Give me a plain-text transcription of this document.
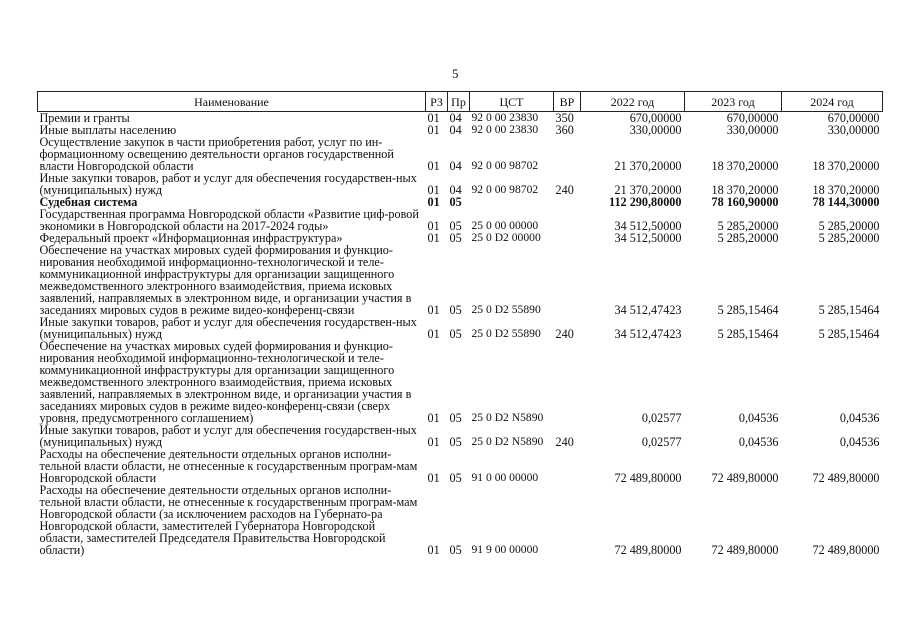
5
Наименование	РЗ	Пр	ЦСТ	ВР	2022 год	2023 год	2024 год
Премии и гранты	01	04	92 0 00 23830	350	670,00000	670,00000	670,00000
Иные выплаты населению	01	04	92 0 00 23830	360	330,00000	330,00000	330,00000
Осуществление закупок в части приобретения работ, услуг по ин-формационному освещению деятельности органов государственной власти Новгородской области	01	04	92 0 00 98702		21 370,20000	18 370,20000	18 370,20000
Иные закупки товаров, работ и услуг для обеспечения государствен-ных (муниципальных) нужд	01	04	92 0 00 98702	240	21 370,20000	18 370,20000	18 370,20000
Судебная система	01	05			112 290,80000	78 160,90000	78 144,30000
Государственная программа Новгородской области «Развитие циф-ровой экономики в Новгородской области на 2017-2024 годы»	01	05	25 0 00 00000		34 512,50000	5 285,20000	5 285,20000
Федеральный проект «Информационная инфраструктура»	01	05	25 0 D2 00000		34 512,50000	5 285,20000	5 285,20000
Обеспечение на участках мировых судей формирования и функцио-нирования необходимой информационно-технологической и теле-коммуникационной инфраструктуры для организации защищенного межведомственного электронного взаимодействия, приема исковых заявлений, направляемых в электронном виде, и организации участия в заседаниях мировых судов в режиме видео-конференц-связи	01	05	25 0 D2 55890		34 512,47423	5 285,15464	5 285,15464
Иные закупки товаров, работ и услуг для обеспечения государствен-ных (муниципальных) нужд	01	05	25 0 D2 55890	240	34 512,47423	5 285,15464	5 285,15464
Обеспечение на участках мировых судей формирования и функцио-нирования необходимой информационно-технологической и теле-коммуникационной инфраструктуры для организации защищенного межведомственного электронного взаимодействия, приема исковых заявлений, направляемых в электронном виде, и организации участия в заседаниях мировых судов в режиме видео-конференц-связи (сверх уровня, предусмотренного соглашением)	01	05	25 0 D2 N5890		0,02577	0,04536	0,04536
Иные закупки товаров, работ и услуг для обеспечения государствен-ных (муниципальных) нужд	01	05	25 0 D2 N5890	240	0,02577	0,04536	0,04536
Расходы на обеспечение деятельности отдельных органов исполни-тельной власти области, не отнесенные к государственным програм-мам Новгородской области	01	05	91 0 00 00000		72 489,80000	72 489,80000	72 489,80000
Расходы на обеспечение деятельности отдельных органов исполни-тельной власти области, не отнесенные к государственным програм-мам Новгородской области (за исключением расходов на Губернато-ра Новгородской области, заместителей Губернатора Новгородской области, заместителей Председателя Правительства Новгородской области)	01	05	91 9 00 00000		72 489,80000	72 489,80000	72 489,80000
